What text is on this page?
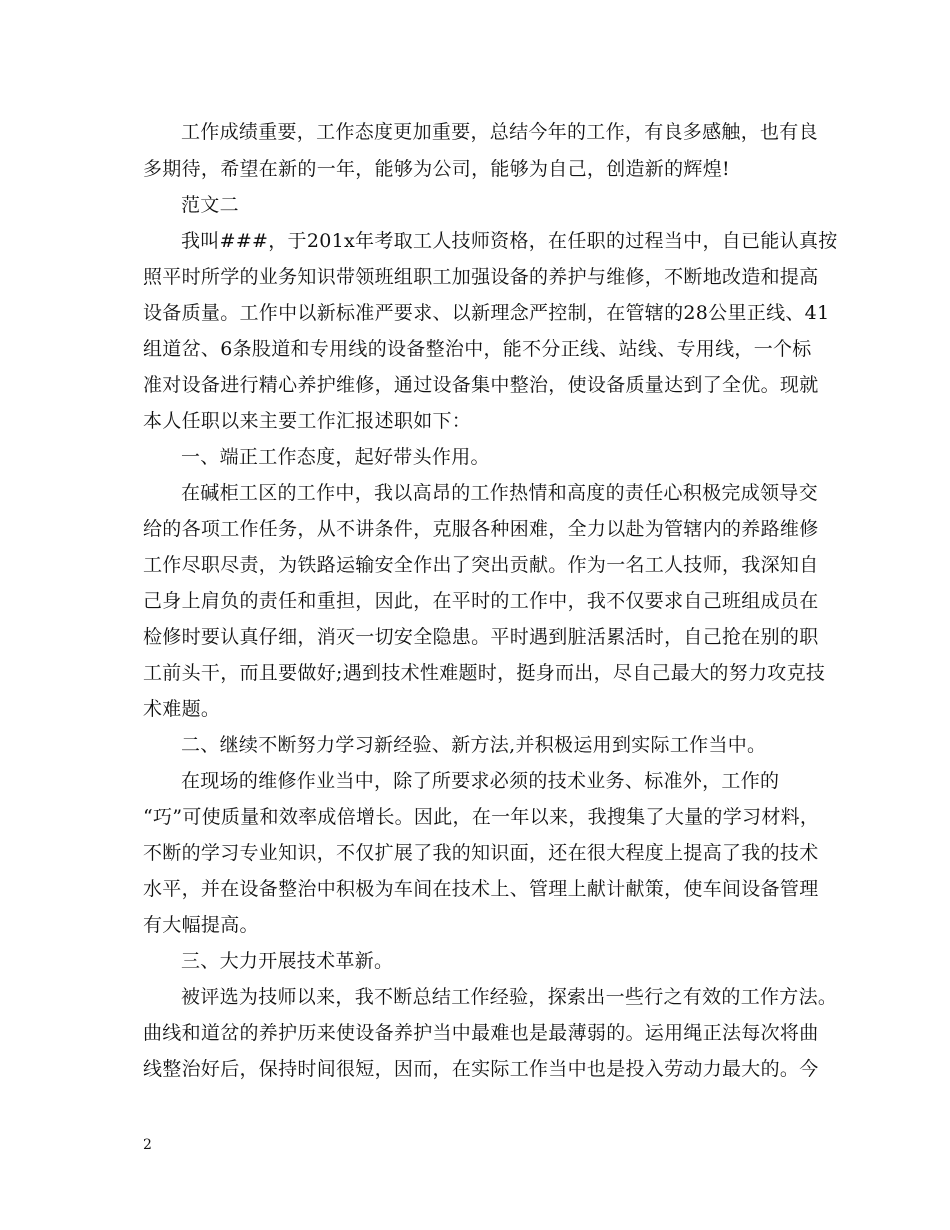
工作成绩重要，工作态度更加重要，总结今年的工作，有良多感触，也有良
多期待，希望在新的一年，能够为公司，能够为自己，创造新的辉煌!
范文二
我叫###，于201x年考取工人技师资格，在任职的过程当中，自已能认真按
照平时所学的业务知识带领班组职工加强设备的养护与维修，不断地改造和提高
设备质量。工作中以新标准严要求、以新理念严控制，在管辖的28公里正线、41
组道岔、6条股道和专用线的设备整治中，能不分正线、站线、专用线，一个标
准对设备进行精心养护维修，通过设备集中整治，使设备质量达到了全优。现就
本人任职以来主要工作汇报述职如下：
一、端正工作态度，起好带头作用。
在碱柜工区的工作中，我以高昂的工作热情和高度的责任心积极完成领导交
给的各项工作任务，从不讲条件，克服各种困难，全力以赴为管辖内的养路维修
工作尽职尽责，为铁路运输安全作出了突出贡献。作为一名工人技师，我深知自
己身上肩负的责任和重担，因此，在平时的工作中，我不仅要求自己班组成员在
检修时要认真仔细，消灭一切安全隐患。平时遇到脏活累活时，自己抢在别的职
工前头干，而且要做好;遇到技术性难题时，挺身而出，尽自己最大的努力攻克技
术难题。
二、继续不断努力学习新经验、新方法,并积极运用到实际工作当中。
在现场的维修作业当中，除了所要求必须的技术业务、标准外，工作的
“巧”可使质量和效率成倍增长。因此，在一年以来，我搜集了大量的学习材料，
不断的学习专业知识，不仅扩展了我的知识面，还在很大程度上提高了我的技术
水平，并在设备整治中积极为车间在技术上、管理上献计献策，使车间设备管理
有大幅提高。
三、大力开展技术革新。
被评选为技师以来，我不断总结工作经验，探索出一些行之有效的工作方法。
曲线和道岔的养护历来使设备养护当中最难也是最薄弱的。运用绳正法每次将曲
线整治好后，保持时间很短，因而，在实际工作当中也是投入劳动力最大的。今
2
